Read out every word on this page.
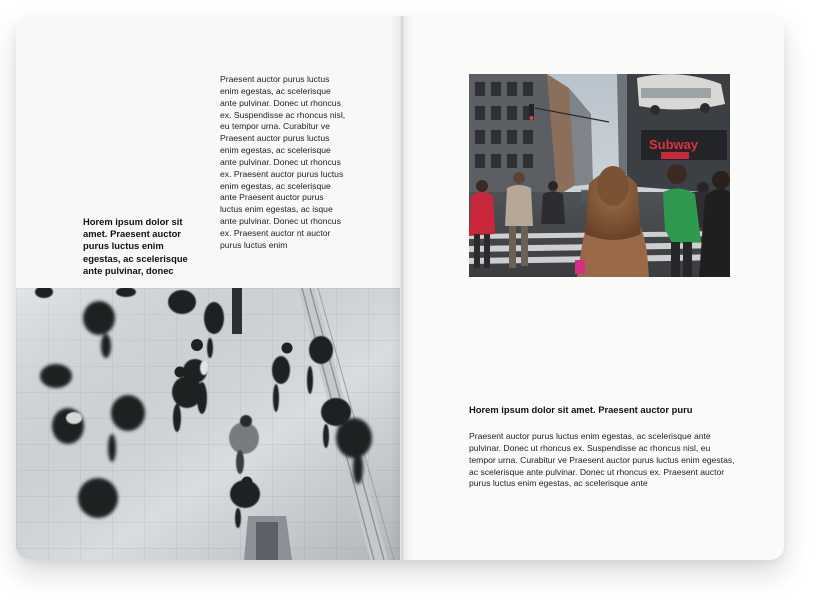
Praesent auctor purus luctus enim egestas, ac scelerisque ante pulvinar. Donec ut rhoncus ex. Suspendisse ac rhoncus nisl, eu tempor urna. Curabitur ve Praesent auctor purus luctus enim egestas, ac scelerisque ante pulvinar. Donec ut rhoncus ex. Praesent auctor purus luctus enim egestas, ac scelerisque ante Praesent auctor purus luctus enim egestas, ac isque ante pulvinar. Donec ut rhoncus ex. Praesent auctor nt auctor purus luctus enim

Horem ipsum dolor sit amet. Praesent auctor purus luctus enim egestas, ac scelerisque ante pulvinar, donec
Subway
Horem ipsum dolor sit amet. Praesent auctor puru

Praesent auctor purus luctus enim egestas, ac scelerisque ante pulvinar. Donec ut rhoncus ex. Suspendisse ac rhoncus nisl, eu tempor urna. Curabitur ve Praesent auctor purus luctus enim egestas, ac scelerisque ante pulvinar. Donec ut rhoncus ex. Praesent auctor purus luctus enim egestas, ac scelerisque ante
